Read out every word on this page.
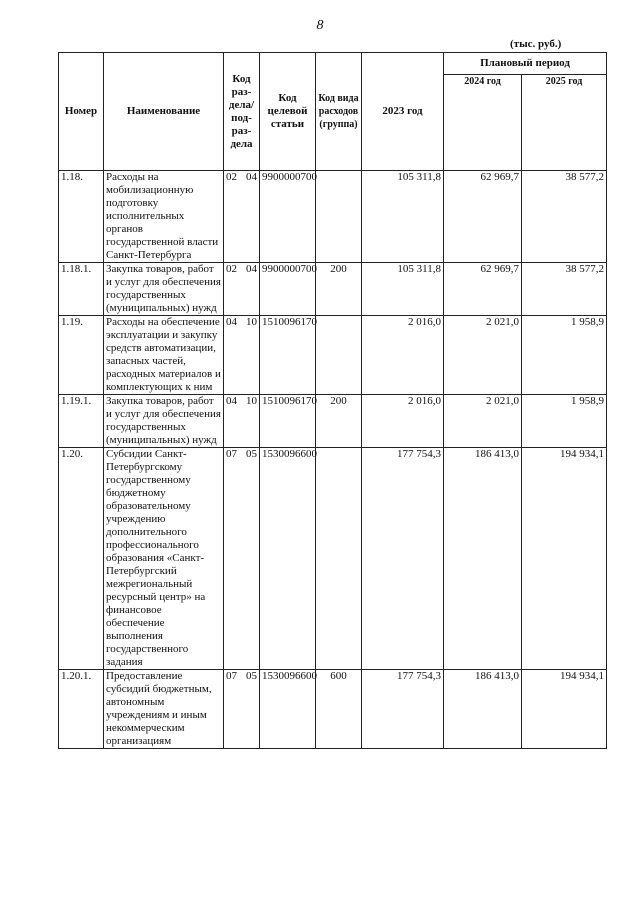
8
(тыс. руб.)
Номер	Наименование	Код раз-дела/ под-раз-дела	Код целевой статьи	Код вида расходов (группа)	2023 год	Плановый период	
						2024 год	2025 год
1.18.	Расходы на мобилизационную подготовку исполнительных органов государственной власти Санкт-Петербурга	02 04	9900000700		105 311,8	62 969,7	38 577,2
1.18.1.	Закупка товаров, работ и услуг для обеспечения государственных (муниципальных) нужд	02 04	9900000700	200	105 311,8	62 969,7	38 577,2
1.19.	Расходы на обеспечение эксплуатации и закупку средств автоматизации, запасных частей, расходных материалов и комплектующих к ним	04 10	1510096170		2 016,0	2 021,0	1 958,9
1.19.1.	Закупка товаров, работ и услуг для обеспечения государственных (муниципальных) нужд	04 10	1510096170	200	2 016,0	2 021,0	1 958,9
1.20.	Субсидии Санкт-Петербургскому государственному бюджетному образовательному учреждению дополнительного профессионального образования «Санкт-Петербургский межрегиональный ресурсный центр» на финансовое обеспечение выполнения государственного задания	07 05	1530096600		177 754,3	186 413,0	194 934,1
1.20.1.	Предоставление субсидий бюджетным, автономным учреждениям и иным некоммерческим организациям	07 05	1530096600	600	177 754,3	186 413,0	194 934,1
